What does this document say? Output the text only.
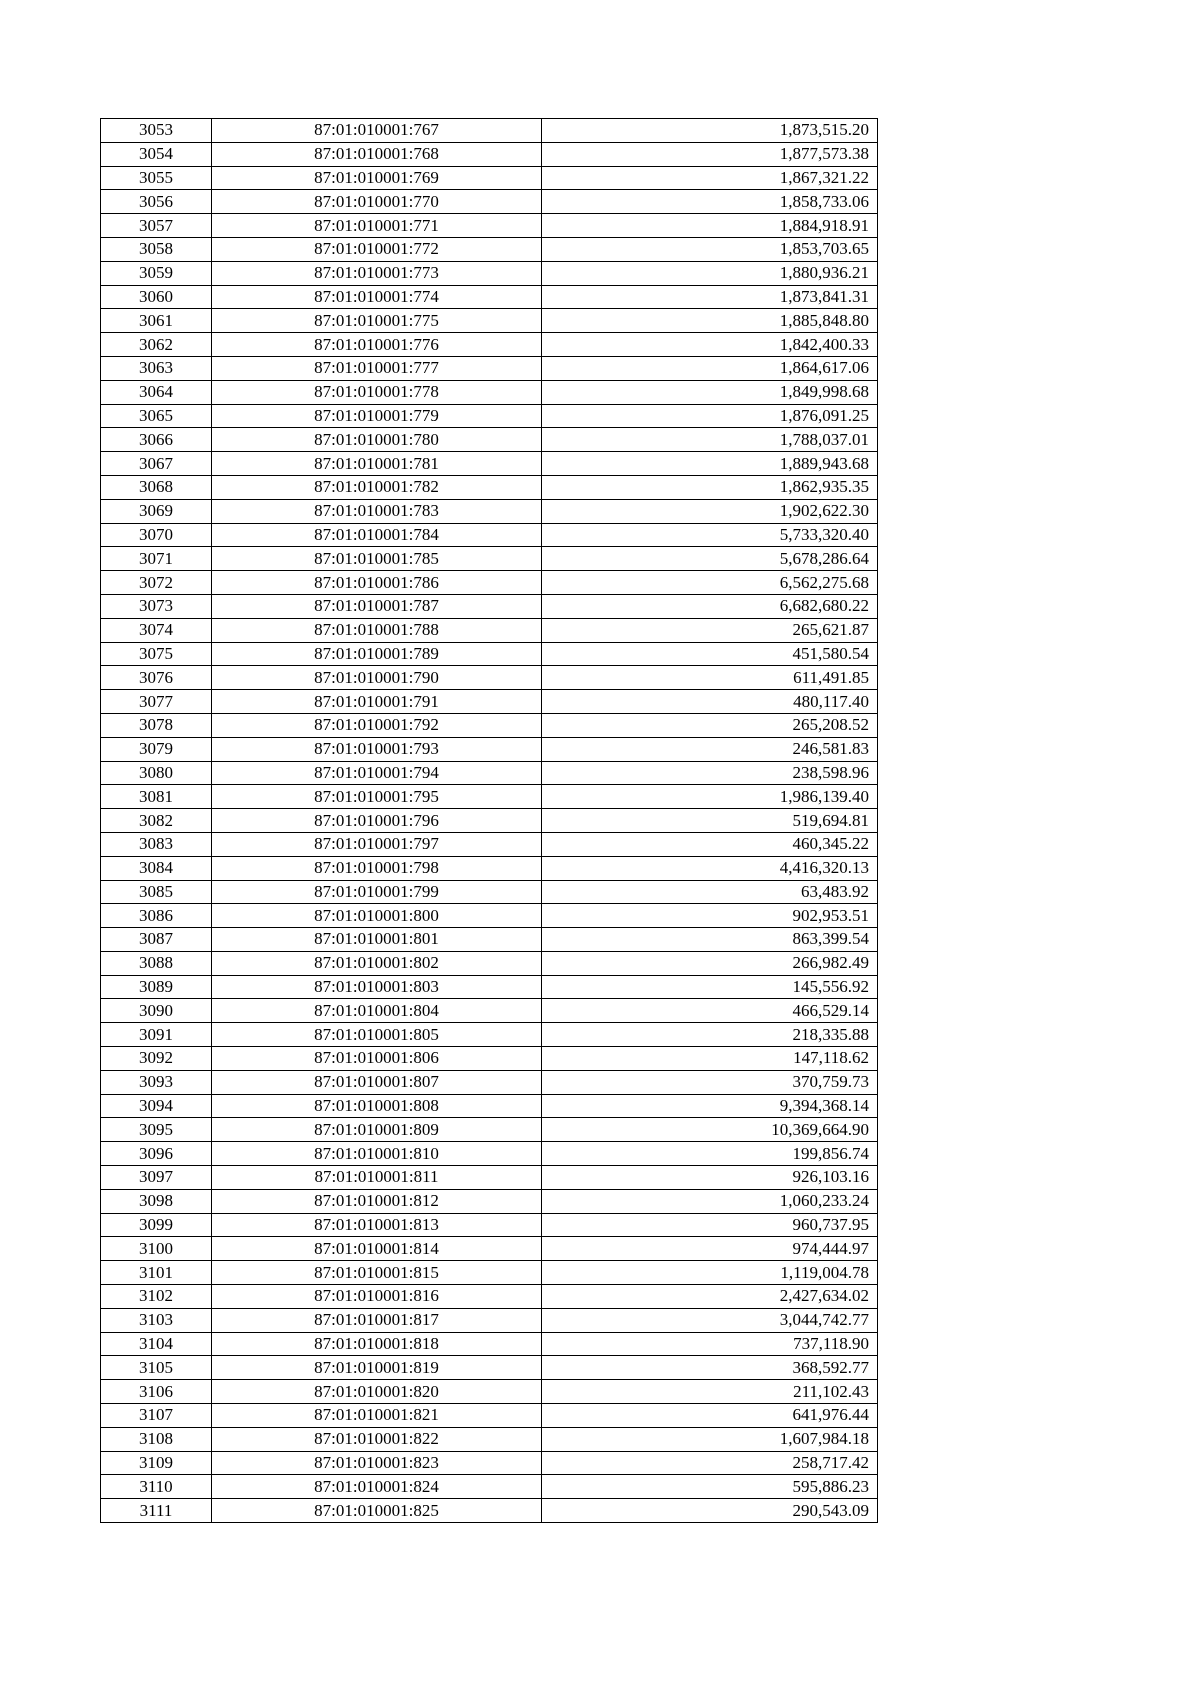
3053	87:01:010001:767	1,873,515.20
3054	87:01:010001:768	1,877,573.38
3055	87:01:010001:769	1,867,321.22
3056	87:01:010001:770	1,858,733.06
3057	87:01:010001:771	1,884,918.91
3058	87:01:010001:772	1,853,703.65
3059	87:01:010001:773	1,880,936.21
3060	87:01:010001:774	1,873,841.31
3061	87:01:010001:775	1,885,848.80
3062	87:01:010001:776	1,842,400.33
3063	87:01:010001:777	1,864,617.06
3064	87:01:010001:778	1,849,998.68
3065	87:01:010001:779	1,876,091.25
3066	87:01:010001:780	1,788,037.01
3067	87:01:010001:781	1,889,943.68
3068	87:01:010001:782	1,862,935.35
3069	87:01:010001:783	1,902,622.30
3070	87:01:010001:784	5,733,320.40
3071	87:01:010001:785	5,678,286.64
3072	87:01:010001:786	6,562,275.68
3073	87:01:010001:787	6,682,680.22
3074	87:01:010001:788	265,621.87
3075	87:01:010001:789	451,580.54
3076	87:01:010001:790	611,491.85
3077	87:01:010001:791	480,117.40
3078	87:01:010001:792	265,208.52
3079	87:01:010001:793	246,581.83
3080	87:01:010001:794	238,598.96
3081	87:01:010001:795	1,986,139.40
3082	87:01:010001:796	519,694.81
3083	87:01:010001:797	460,345.22
3084	87:01:010001:798	4,416,320.13
3085	87:01:010001:799	63,483.92
3086	87:01:010001:800	902,953.51
3087	87:01:010001:801	863,399.54
3088	87:01:010001:802	266,982.49
3089	87:01:010001:803	145,556.92
3090	87:01:010001:804	466,529.14
3091	87:01:010001:805	218,335.88
3092	87:01:010001:806	147,118.62
3093	87:01:010001:807	370,759.73
3094	87:01:010001:808	9,394,368.14
3095	87:01:010001:809	10,369,664.90
3096	87:01:010001:810	199,856.74
3097	87:01:010001:811	926,103.16
3098	87:01:010001:812	1,060,233.24
3099	87:01:010001:813	960,737.95
3100	87:01:010001:814	974,444.97
3101	87:01:010001:815	1,119,004.78
3102	87:01:010001:816	2,427,634.02
3103	87:01:010001:817	3,044,742.77
3104	87:01:010001:818	737,118.90
3105	87:01:010001:819	368,592.77
3106	87:01:010001:820	211,102.43
3107	87:01:010001:821	641,976.44
3108	87:01:010001:822	1,607,984.18
3109	87:01:010001:823	258,717.42
3110	87:01:010001:824	595,886.23
3111	87:01:010001:825	290,543.09
